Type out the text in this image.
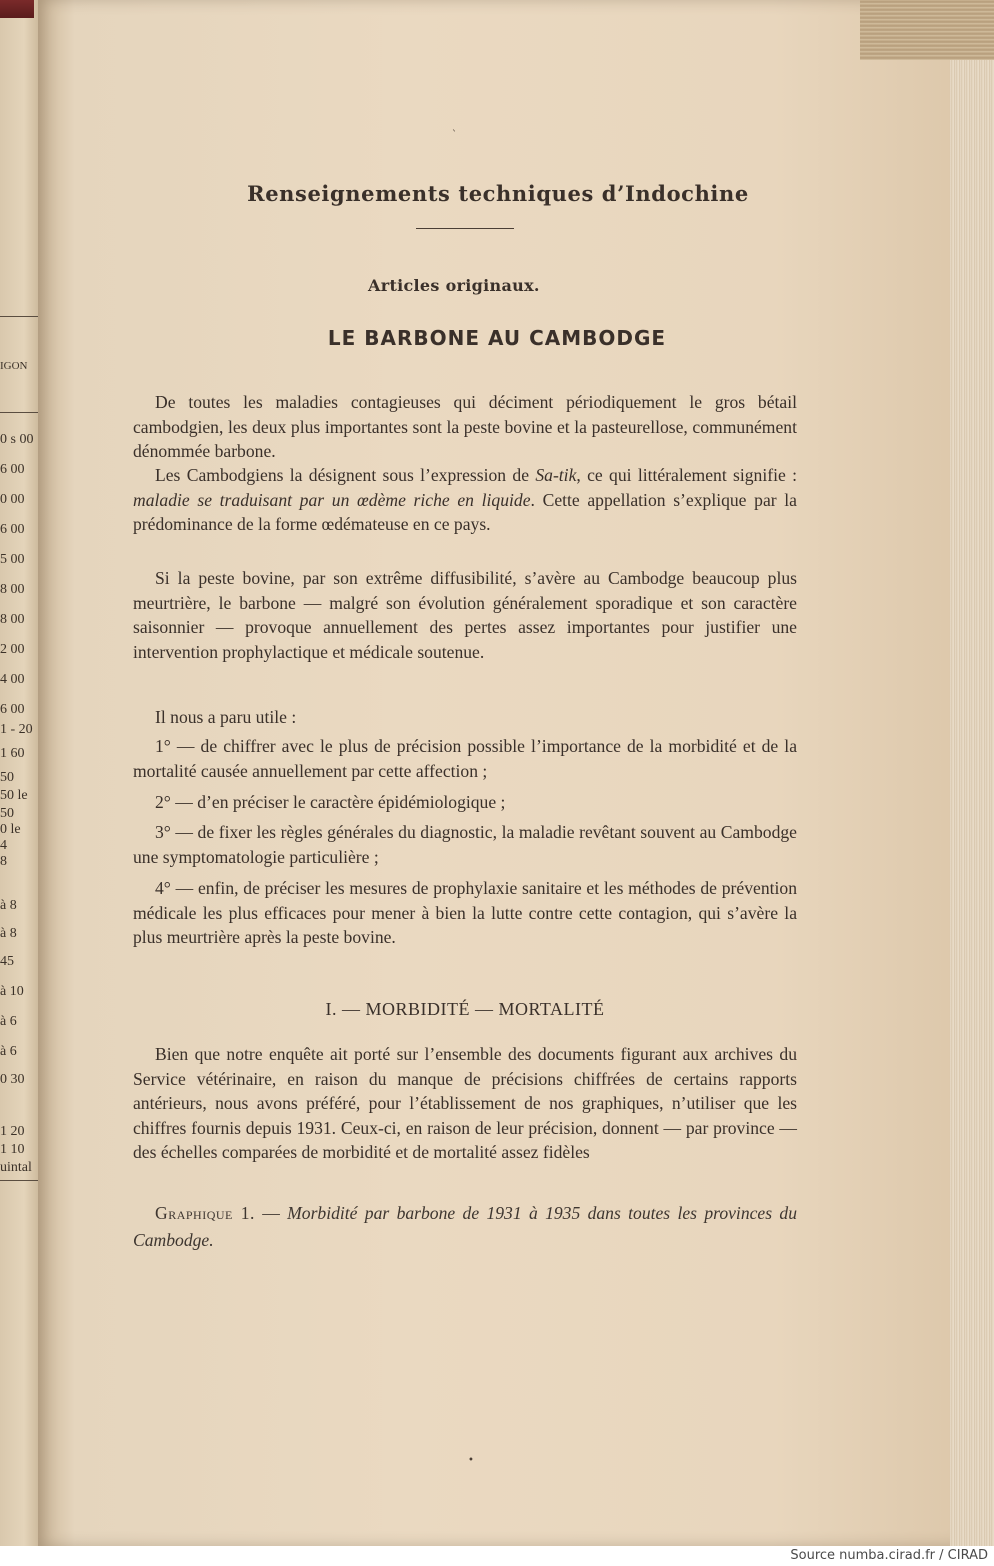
IGON
0 s 00
6 00
0 00
6 00
5 00
8 00
8 00
2 00
4 00
6 00
1 - 20
1 60
50
50 le
50
0 le
4
8
à 8
à 8
45
à 10
à 6
à 6
0 30
1 20
1 10
uintal
Renseignements techniques d’Indochine
Articles originaux.
LE BARBONE AU CAMBODGE

De toutes les maladies contagieuses qui déciment périodiquement le gros bétail cambodgien, les deux plus importantes sont la peste bovine et la pasteurellose, communément dénommée barbone.

Les Cambodgiens la désignent sous l’expression de Sa-tik, ce qui littéralement signifie : maladie se traduisant par un œdème riche en liquide. Cette appellation s’explique par la prédominance de la forme œdémateuse en ce pays.

Si la peste bovine, par son extrême diffusibilité, s’avère au Cambodge beaucoup plus meurtrière, le barbone — malgré son évolution généralement sporadique et son caractère saisonnier — provoque annuellement des pertes assez importantes pour justifier une intervention prophylactique et médicale soutenue.

Il nous a paru utile :

1° — de chiffrer avec le plus de précision possible l’importance de la morbidité et de la mortalité causée annuellement par cette affection ;

2° — d’en préciser le caractère épidémiologique ;

3° — de fixer les règles générales du diagnostic, la maladie revêtant souvent au Cambodge une symptomatologie particulière ;

4° — enfin, de préciser les mesures de prophylaxie sanitaire et les méthodes de prévention médicale les plus efficaces pour mener à bien la lutte contre cette contagion, qui s’avère la plus meurtrière après la peste bovine.

I. — MORBIDITÉ — MORTALITÉ

Bien que notre enquête ait porté sur l’ensemble des documents figurant aux archives du Service vétérinaire, en raison du manque de précisions chiffrées de certains rapports antérieurs, nous avons préféré, pour l’établissement de nos graphiques, n’utiliser que les chiffres fournis depuis 1931. Ceux-ci, en raison de leur précision, donnent — par province — des échelles comparées de morbidité et de mortalité assez fidèles

Graphique 1. — Morbidité par barbone de 1931 à 1935 dans toutes les provinces du Cambodge.
ˋ
•
Source numba.cirad.fr / CIRAD
